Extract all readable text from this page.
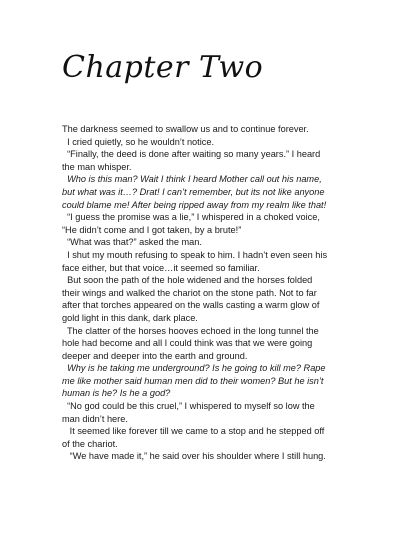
Chapter Two
The darkness seemed to swallow us and to continue forever.
I cried quietly, so he wouldn’t notice.
“Finally, the deed is done after waiting so many years.” I heard
the man whisper.
Who is this man? Wait I think I heard Mother call out his name,
but what was it…? Drat! I can’t remember, but its not like anyone
could blame me! After being ripped away from my realm like that!
“I guess the promise was a lie,” I whispered in a choked voice,
“He didn’t come and I got taken, by a brute!”
“What was that?” asked the man.
I shut my mouth refusing to speak to him. I hadn’t even seen his
face either, but that voice…it seemed so familiar.
But soon the path of the hole widened and the horses folded
their wings and walked the chariot on the stone path. Not to far
after that torches appeared on the walls casting a warm glow of
gold light in this dank, dark place.
The clatter of the horses hooves echoed in the long tunnel the
hole had become and all I could think was that we were going
deeper and deeper into the earth and ground.
Why is he taking me underground? Is he going to kill me? Rape
me like mother said human men did to their women? But he isn’t
human is he? Is he a god?
“No god could be this cruel,” I whispered to myself so low the
man didn’t here.
It seemed like forever till we came to a stop and he stepped off
of the chariot.
“We have made it,” he said over his shoulder where I still hung.
